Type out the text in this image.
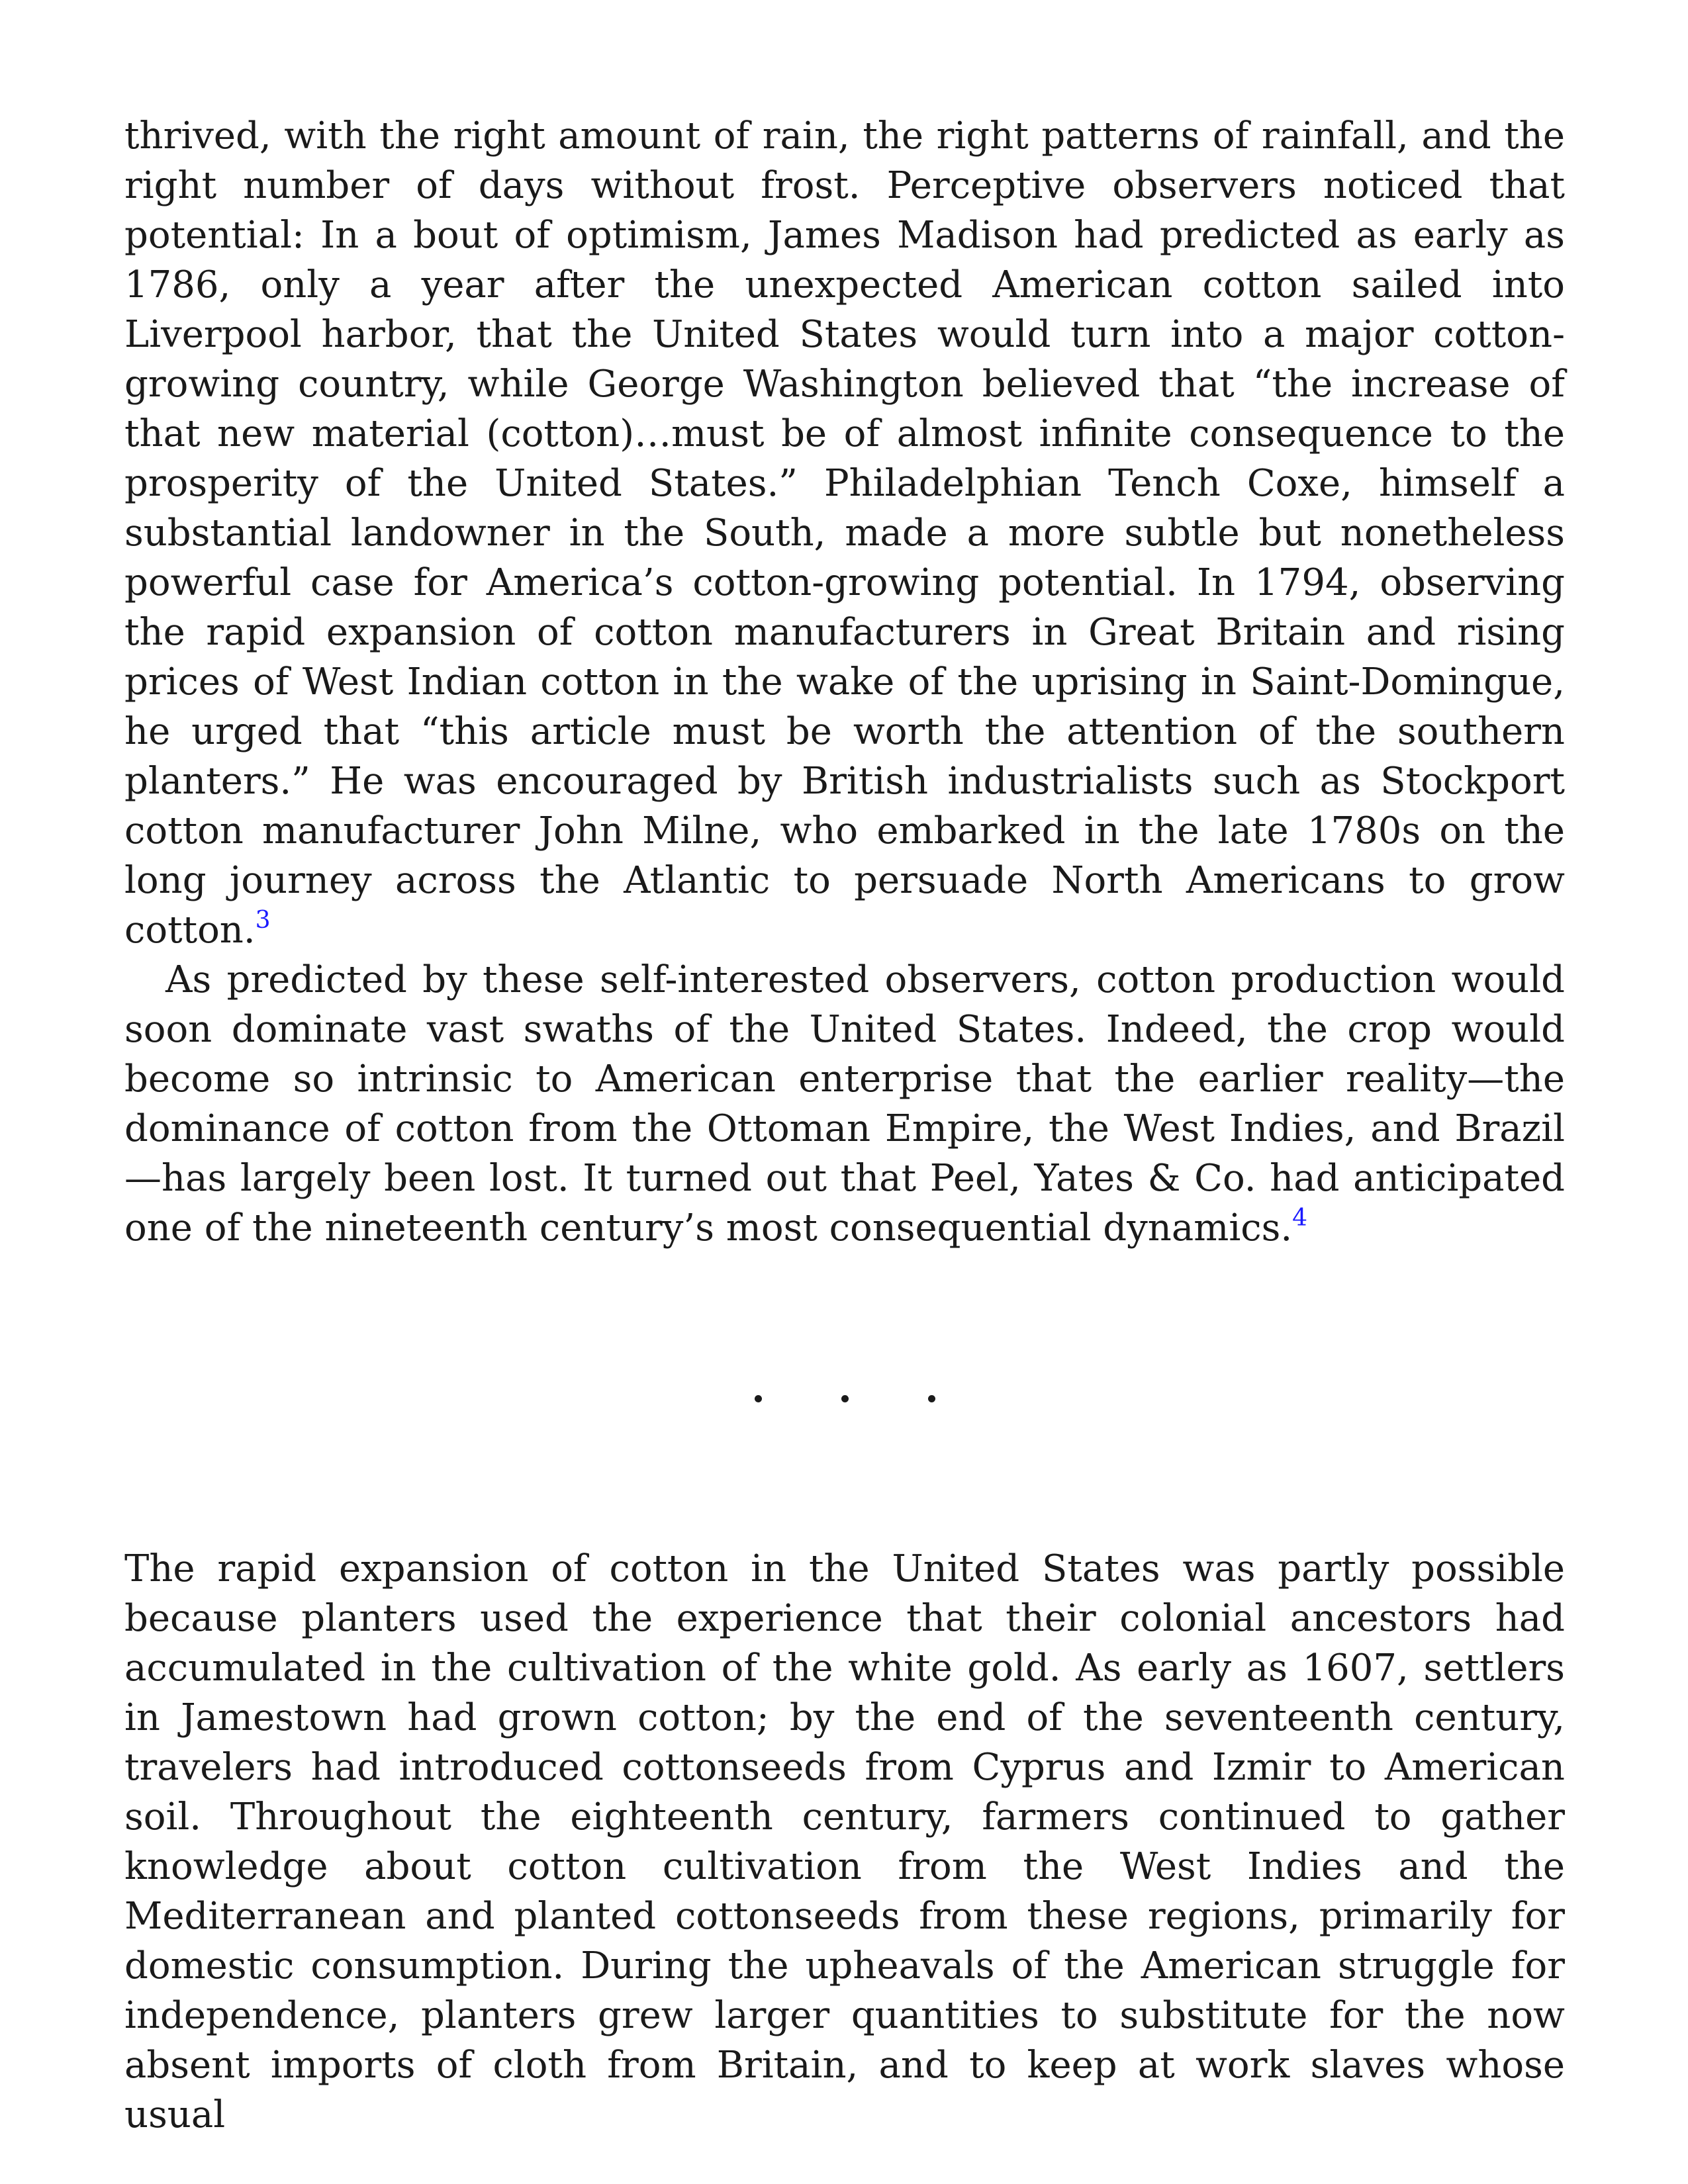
thrived, with the right amount of rain, the right patterns of rainfall, and the right number of days without frost. Perceptive observers noticed that potential: In a bout of optimism, James Madison had predicted as early as 1786, only a year after the unexpected American cotton sailed into Liverpool harbor, that the United States would turn into a major cotton-growing country, while George Washington believed that “the increase of that new material (cotton)…must be of almost infinite consequence to the prosperity of the United States.” Philadelphian Tench Coxe, himself a substantial landowner in the South, made a more subtle but nonetheless powerful case for America’s cotton-growing potential. In 1794, observing the rapid expansion of cotton manufacturers in Great Britain and rising prices of West Indian cotton in the wake of the uprising in Saint-Domingue, he urged that “this article must be worth the attention of the southern planters.” He was encouraged by British industrialists such as Stockport cotton manufacturer John Milne, who embarked in the late 1780s on the long journey across the Atlantic to persuade North Americans to grow cotton.$^3$

As predicted by these self-interested observers, cotton production would soon dominate vast swaths of the United States. Indeed, the crop would become so intrinsic to American enterprise that the earlier reality—the dominance of cotton from the Ottoman Empire, the West Indies, and Brazil—has largely been lost. It turned out that Peel, Yates & Co. had anticipated one of the nineteenth century’s most consequential dynamics.$^4$

The rapid expansion of cotton in the United States was partly possible because planters used the experience that their colonial ancestors had accumulated in the cultivation of the white gold. As early as 1607, settlers in Jamestown had grown cotton; by the end of the seventeenth century, travelers had introduced cottonseeds from Cyprus and Izmir to American soil. Throughout the eighteenth century, farmers continued to gather knowledge about cotton cultivation from the West Indies and the Mediterranean and planted cottonseeds from these regions, primarily for domestic consumption. During the upheavals of the American struggle for independence, planters grew larger quantities to substitute for the now absent imports of cloth from Britain, and to keep at work slaves whose usual
